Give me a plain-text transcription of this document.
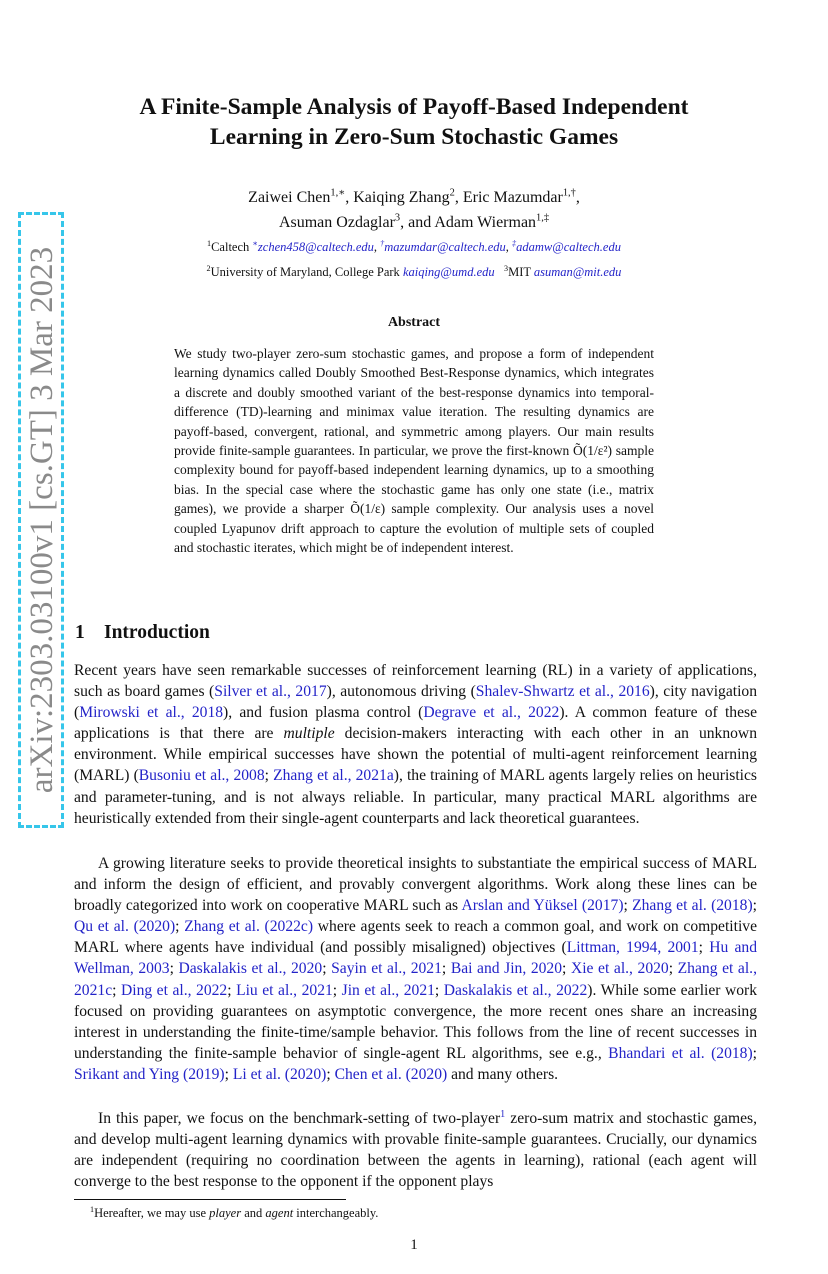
arXiv:2303.03100v1 [cs.GT] 3 Mar 2023
A Finite-Sample Analysis of Payoff-Based Independent
Learning in Zero-Sum Stochastic Games
Zaiwei Chen$^{1,∗}$, Kaiqing Zhang$^2$, Eric Mazumdar$^{1,\dagger}$,
Asuman Ozdaglar$^3$, and Adam Wierman$^{1,\ddagger}$
$^1$Caltech ∗zchen458@caltech.edu, †mazumdar@caltech.edu, ‡adamw@caltech.edu
$^2$University of Maryland, College Park kaiqing@umd.edu $^3$MIT asuman@mit.edu
Abstract
We study two-player zero-sum stochastic games, and propose a form of independent learning dynamics called Doubly Smoothed Best-Response dynamics, which integrates a discrete and doubly smoothed variant of the best-response dynamics into temporal-difference (TD)-learning and minimax value iteration. The resulting dynamics are payoff-based, convergent, rational, and symmetric among players. Our main results provide finite-sample guarantees. In particular, we prove the first-known Õ(1/ε²) sample complexity bound for payoff-based independent learning dynamics, up to a smoothing bias. In the special case where the stochastic game has only one state (i.e., matrix games), we provide a sharper Õ(1/ε) sample complexity. Our analysis uses a novel coupled Lyapunov drift approach to capture the evolution of multiple sets of coupled and stochastic iterates, which might be of independent interest.
1 Introduction
Recent years have seen remarkable successes of reinforcement learning (RL) in a variety of applications, such as board games (Silver et al., 2017), autonomous driving (Shalev-Shwartz et al., 2016), city navigation (Mirowski et al., 2018), and fusion plasma control (Degrave et al., 2022). A common feature of these applications is that there are multiple decision-makers interacting with each other in an unknown environment. While empirical successes have shown the potential of multi-agent reinforcement learning (MARL) (Busoniu et al., 2008; Zhang et al., 2021a), the training of MARL agents largely relies on heuristics and parameter-tuning, and is not always reliable. In particular, many practical MARL algorithms are heuristically extended from their single-agent counterparts and lack theoretical guarantees.
A growing literature seeks to provide theoretical insights to substantiate the empirical success of MARL and inform the design of efficient, and provably convergent algorithms. Work along these lines can be broadly categorized into work on cooperative MARL such as Arslan and Yüksel (2017); Zhang et al. (2018); Qu et al. (2020); Zhang et al. (2022c) where agents seek to reach a common goal, and work on competitive MARL where agents have individual (and possibly misaligned) objectives (Littman, 1994, 2001; Hu and Wellman, 2003; Daskalakis et al., 2020; Sayin et al., 2021; Bai and Jin, 2020; Xie et al., 2020; Zhang et al., 2021c; Ding et al., 2022; Liu et al., 2021; Jin et al., 2021; Daskalakis et al., 2022). While some earlier work focused on providing guarantees on asymptotic convergence, the more recent ones share an increasing interest in understanding the finite-time/sample behavior. This follows from the line of recent successes in understanding the finite-sample behavior of single-agent RL algorithms, see e.g., Bhandari et al. (2018); Srikant and Ying (2019); Li et al. (2020); Chen et al. (2020) and many others.
In this paper, we focus on the benchmark-setting of two-player$^1$ zero-sum matrix and stochastic games, and develop multi-agent learning dynamics with provable finite-sample guarantees. Crucially, our dynamics are independent (requiring no coordination between the agents in learning), rational (each agent will converge to the best response to the opponent if the opponent plays
$^1$Hereafter, we may use player and agent interchangeably.
1
